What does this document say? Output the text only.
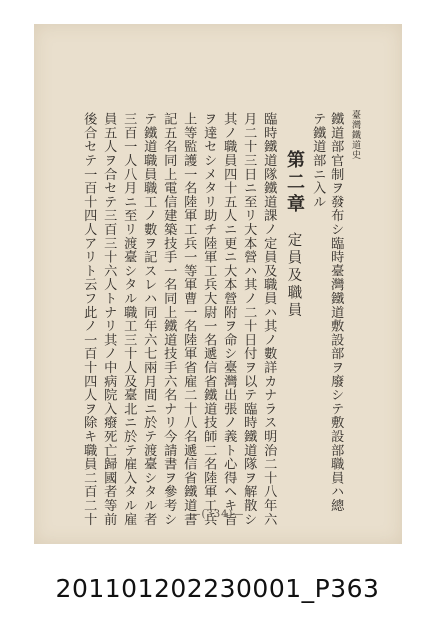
臺灣鐵道史
鐵道部官制ヲ發布シ臨時臺灣鐵道敷設部ヲ廢シテ敷設部職員ハ總
テ鐵道部ニ入ル
第二章
定員及職員
臨時鐵道隊鐵道課ノ定員及職員ハ其ノ數詳カナラス明治二十八年六
月二十三日ニ至リ大本營ハ其ノ二十日付ヲ以テ臨時鐵道隊ヲ解散シ
其ノ職員四十五人ニ更ニ大本營附ヲ命シ臺灣出張ノ義ト心得ヘキ旨
ヲ達セシメタリ助チ陸軍工兵大尉一名遞信省鐵道技師二名陸軍工兵
上等監護一名陸軍工兵一等軍曹一名陸軍省雇二十八名遞信省鐵道書
記五名同上電信建築技手一名同上鐵道技手六名ナリ今請書ヲ參考シ
テ鐵道職員職工ノ數ヲ記スレハ同年六七兩月間ニ於テ渡臺シタル者
三百一人八月ニ至リ渡臺シタル職工三十人及臺北ニ於テ雇入タル雇
員五人ヲ合セテ三百三十六人トナリ其ノ中病院入癈死亡歸國者等前
後合セテ一百十四人アリト云フ此ノ一百十四人ヲ除キ職員二百二十	—(334)—
20110120223000​1_P363
